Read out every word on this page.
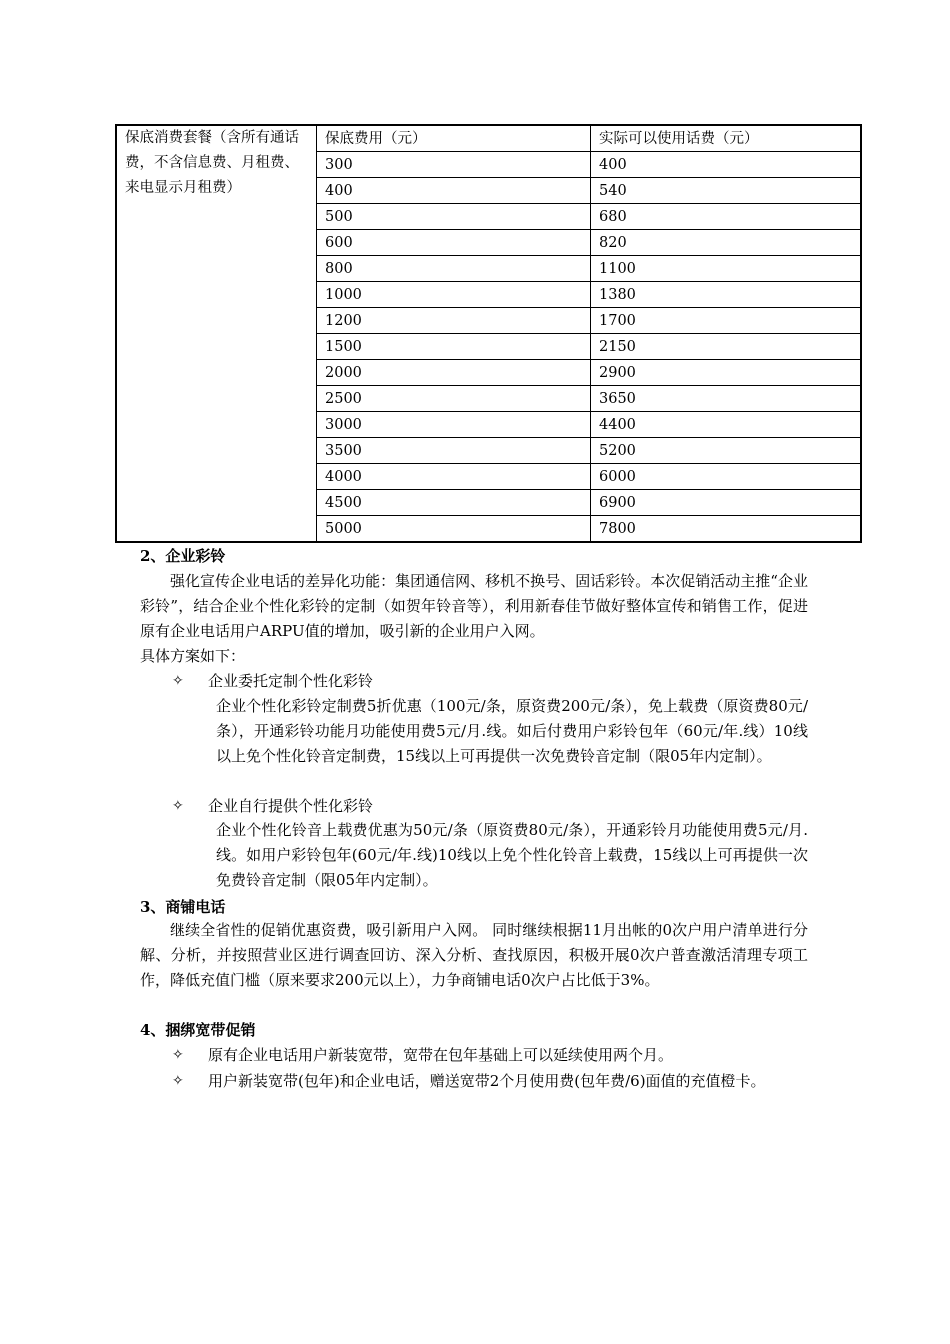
保底消费套餐（含所有通话费，不含信息费、月租费、来电显示月租费）
保底费用（元）	实际可以使用话费（元）
300	400
400	540
500	680
600	820
800	1100
1000	1380
1200	1700
1500	2150
2000	2900
2500	3650
3000	4400
3500	5200
4000	6000
4500	6900
5000	7800
2、企业彩铃
强化宣传企业电话的差异化功能：集团通信网、移机不换号、固话彩铃。本次促销活动主推“企业彩铃”，结合企业个性化彩铃的定制（如贺年铃音等），利用新春佳节做好整体宣传和销售工作，促进原有企业电话用户ARPU值的增加，吸引新的企业用户入网。
具体方案如下：
✧	企业委托定制个性化彩铃
企业个性化彩铃定制费5折优惠（100元/条，原资费200元/条），免上载费（原资费80元/条），开通彩铃功能月功能使用费5元/月.线。如后付费用户彩铃包年（60元/年.线）10线以上免个性化铃音定制费，15线以上可再提供一次免费铃音定制（限05年内定制）。
✧	企业自行提供个性化彩铃
企业个性化铃音上载费优惠为50元/条（原资费80元/条），开通彩铃月功能使用费5元/月.线。如用户彩铃包年(60元/年.线)10线以上免个性化铃音上载费，15线以上可再提供一次免费铃音定制（限05年内定制）。
3、商铺电话
继续全省性的促销优惠资费，吸引新用户入网。 同时继续根据11月出帐的0次户用户清单进行分解、分析，并按照营业区进行调查回访、深入分析、查找原因，积极开展0次户普查激活清理专项工作，降低充值门槛（原来要求200元以上），力争商铺电话0次户占比低于3%。
4、捆绑宽带促销
✧ 原有企业电话用户新装宽带，宽带在包年基础上可以延续使用两个月。
✧ 用户新装宽带(包年)和企业电话，赠送宽带2个月使用费(包年费/6)面值的充值橙卡。
